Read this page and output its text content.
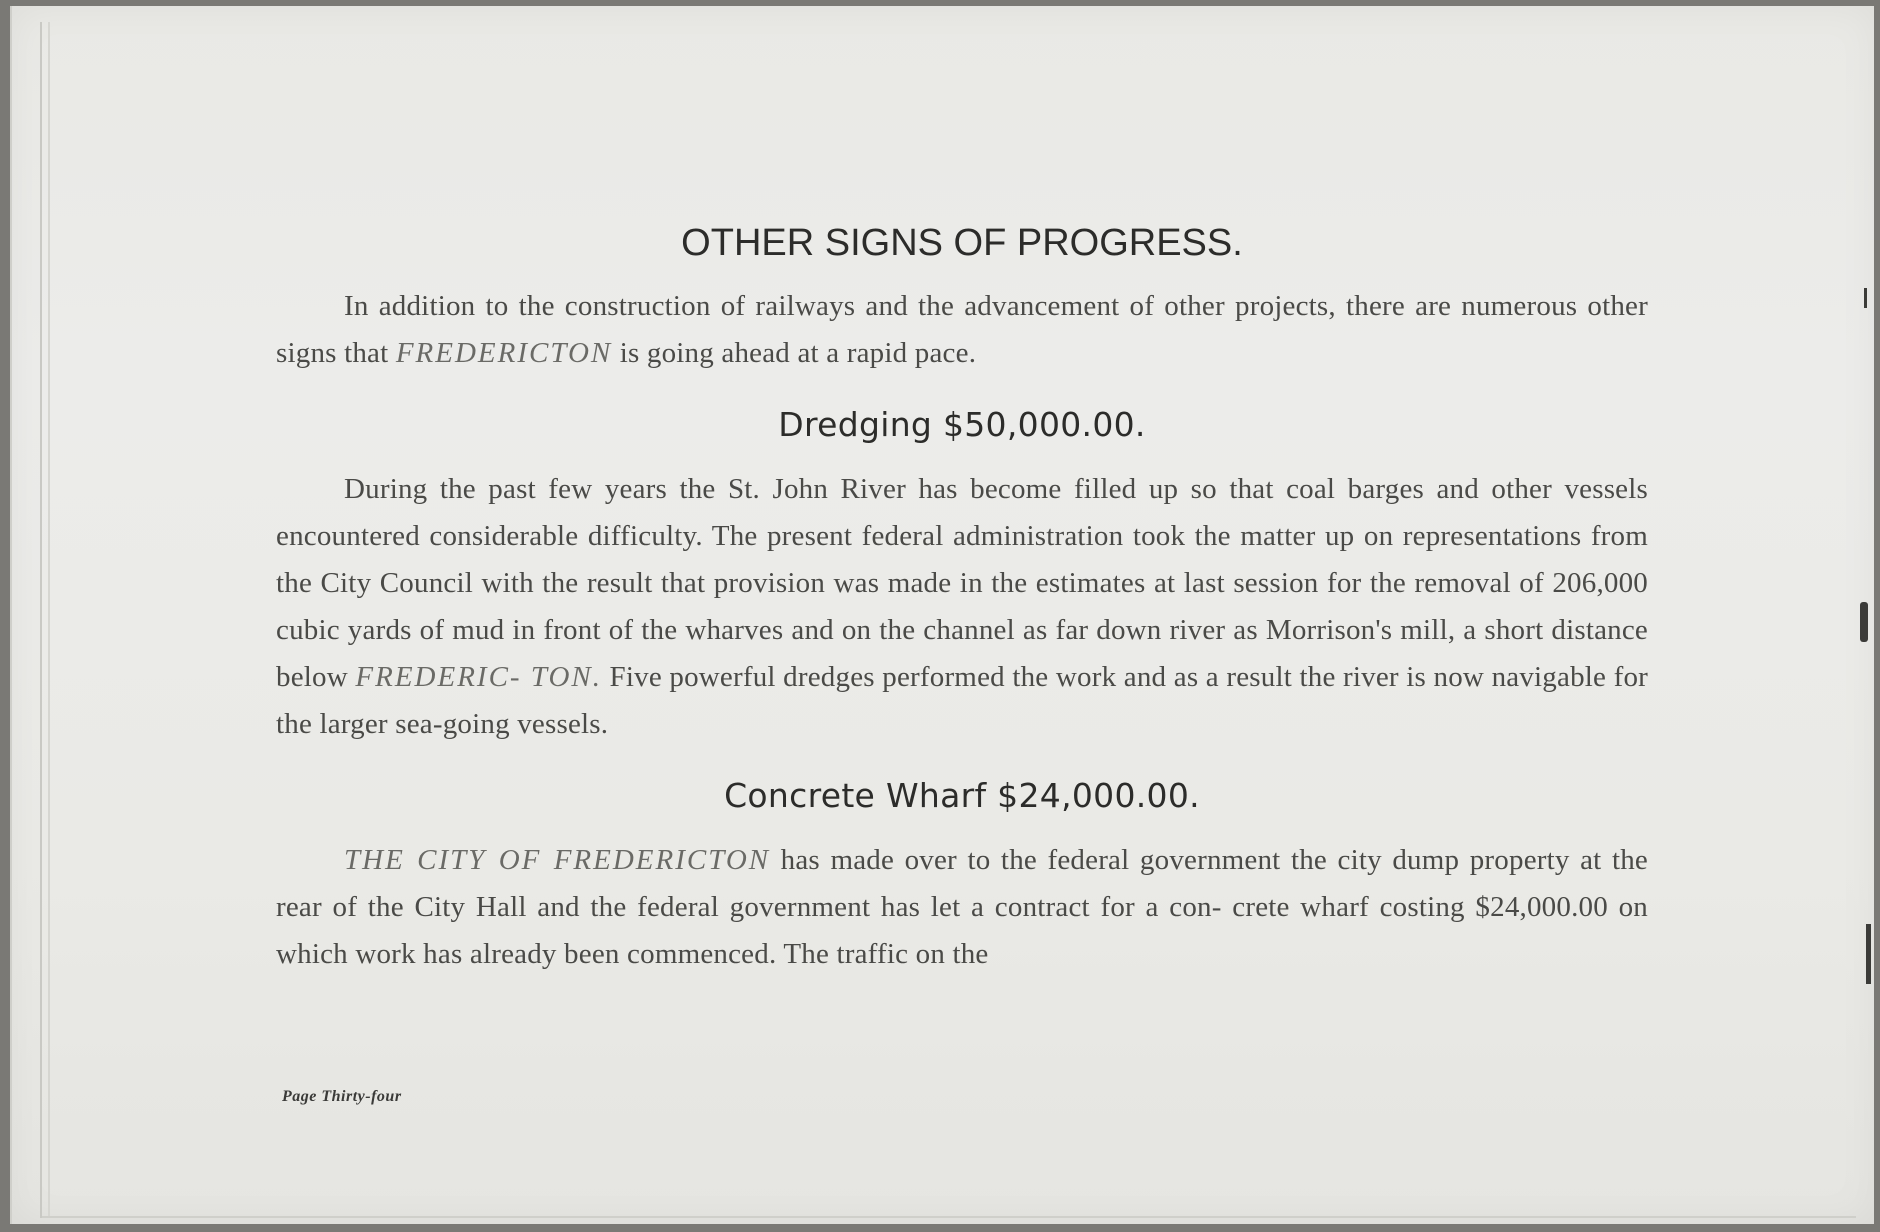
OTHER SIGNS OF PROGRESS.

In addition to the construction of railways and the advancement of other projects, there are numerous other signs that FREDERICTON is going ahead at a rapid pace.

Dredging $50,000.00.

During the past few years the St. John River has become filled up so that coal barges and other vessels encountered considerable difficulty. The present federal administration took the matter up on representations from the City Council with the result that provision was made in the estimates at last session for the removal of 206,000 cubic yards of mud in front of the wharves and on the channel as far down river as Morrison's mill, a short distance below FREDERIC- TON. Five powerful dredges performed the work and as a result the river is now navigable for the larger sea-going vessels.

Concrete Wharf $24,000.00.

THE CITY OF FREDERICTON has made over to the federal government the city dump property at the rear of the City Hall and the federal government has let a contract for a con- crete wharf costing $24,000.00 on which work has already been commenced. The traffic on the

Page Thirty-four
